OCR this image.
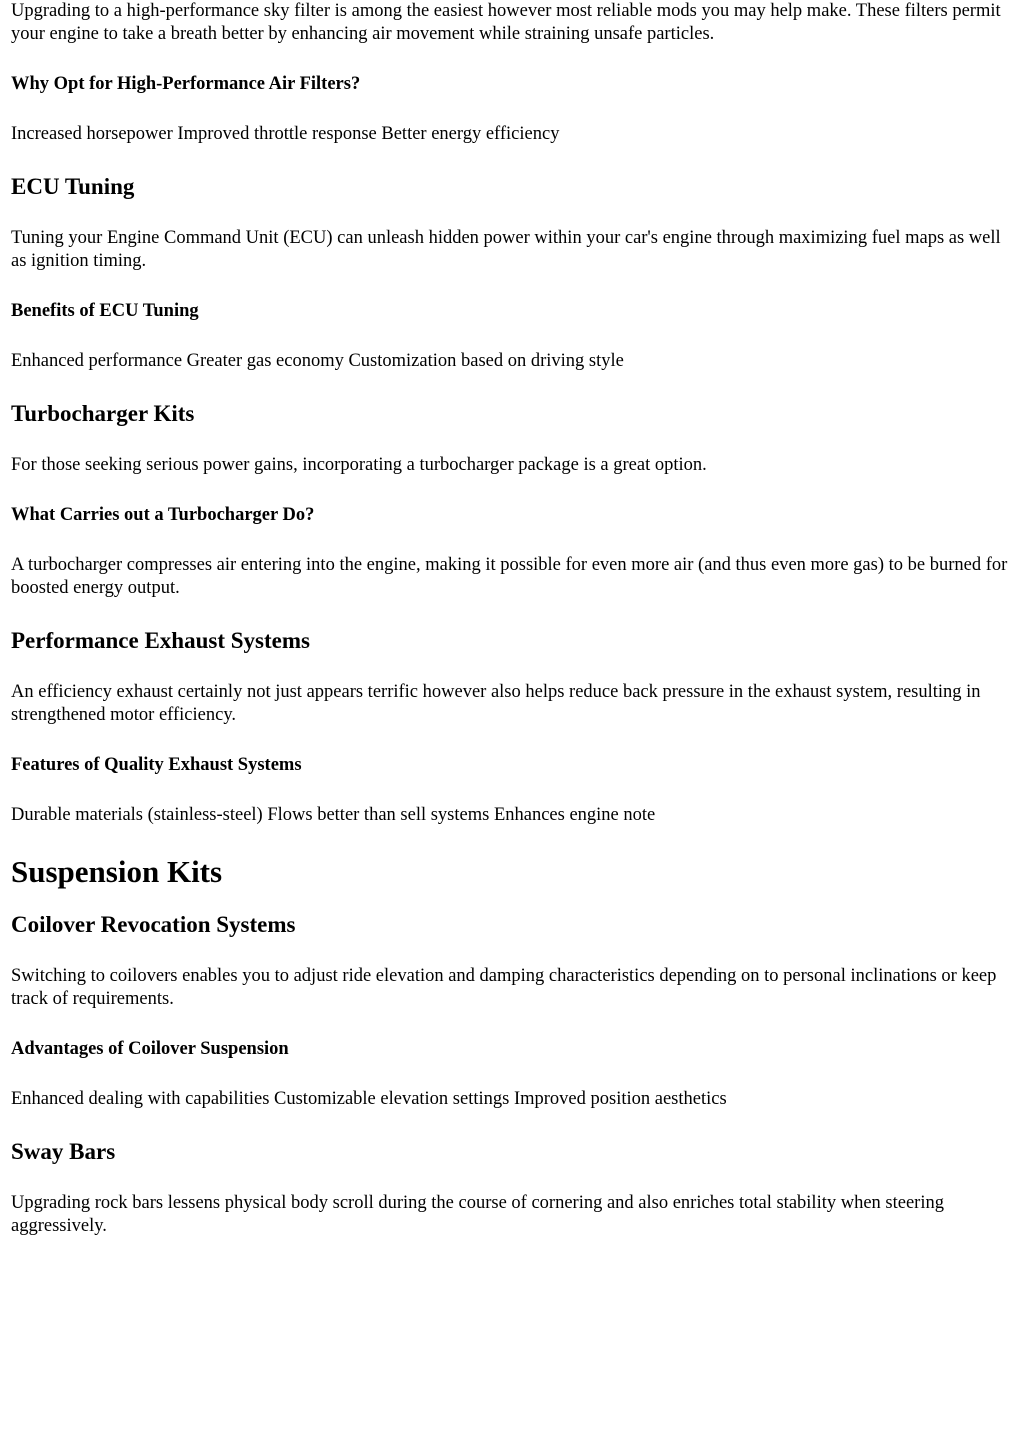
Upgrading to a high-performance sky filter is among the easiest however most reliable mods you may help make. These filters permit your engine to take a breath better by enhancing air movement while straining unsafe particles.

Why Opt for High-Performance Air Filters?

Increased horsepower Improved throttle response Better energy efficiency

ECU Tuning

Tuning your Engine Command Unit (ECU) can unleash hidden power within your car's engine through maximizing fuel maps as well as ignition timing.

Benefits of ECU Tuning

Enhanced performance Greater gas economy Customization based on driving style

Turbocharger Kits

For those seeking serious power gains, incorporating a turbocharger package is a great option.

What Carries out a Turbocharger Do?

A turbocharger compresses air entering into the engine, making it possible for even more air (and thus even more gas) to be burned for boosted energy output.

Performance Exhaust Systems

An efficiency exhaust certainly not just appears terrific however also helps reduce back pressure in the exhaust system, resulting in strengthened motor efficiency.

Features of Quality Exhaust Systems

Durable materials (stainless-steel) Flows better than sell systems Enhances engine note

Suspension Kits
Coilover Revocation Systems

Switching to coilovers enables you to adjust ride elevation and damping characteristics depending on to personal inclinations or keep track of requirements.

Advantages of Coilover Suspension

Enhanced dealing with capabilities Customizable elevation settings Improved position aesthetics

Sway Bars

Upgrading rock bars lessens physical body scroll during the course of cornering and also enriches total stability when steering aggressively.
